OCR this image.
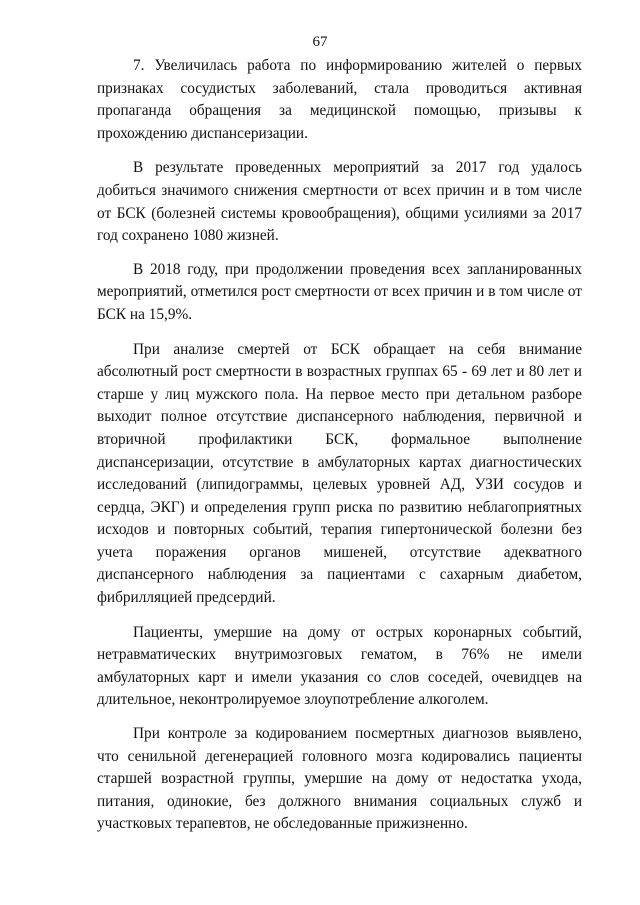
67

7. Увеличилась работа по информированию жителей о первых признаках сосудистых заболеваний, стала проводиться активная пропаганда обращения за медицинской помощью, призывы к прохождению диспансеризации.

В результате проведенных мероприятий за 2017 год удалось добиться значимого снижения смертности от всех причин и в том числе от БСК (болезней системы кровообращения), общими усилиями за 2017 год сохранено 1080 жизней.

В 2018 году, при продолжении проведения всех запланированных мероприятий, отметился рост смертности от всех причин и в том числе от БСК на 15,9%.

При анализе смертей от БСК обращает на себя внимание абсолютный рост смертности в возрастных группах 65 - 69 лет и 80 лет и старше у лиц мужского пола. На первое место при детальном разборе выходит полное отсутствие диспансерного наблюдения, первичной и вторичной профилактики БСК, формальное выполнение диспансеризации, отсутствие в амбулаторных картах диагностических исследований (липидограммы, целевых уровней АД, УЗИ сосудов и сердца, ЭКГ) и определения групп риска по развитию неблагоприятных исходов и повторных событий, терапия гипертонической болезни без учета поражения органов мишеней, отсутствие адекватного диспансерного наблюдения за пациентами с сахарным диабетом, фибрилляцией предсердий.

Пациенты, умершие на дому от острых коронарных событий, нетравматических внутримозговых гематом, в 76% не имели амбулаторных карт и имели указания со слов соседей, очевидцев на длительное, неконтролируемое злоупотребление алкоголем.

При контроле за кодированием посмертных диагнозов выявлено, что сенильной дегенерацией головного мозга кодировались пациенты старшей возрастной группы, умершие на дому от недостатка ухода, питания, одинокие, без должного внимания социальных служб и участковых терапевтов, не обследованные прижизненно.
